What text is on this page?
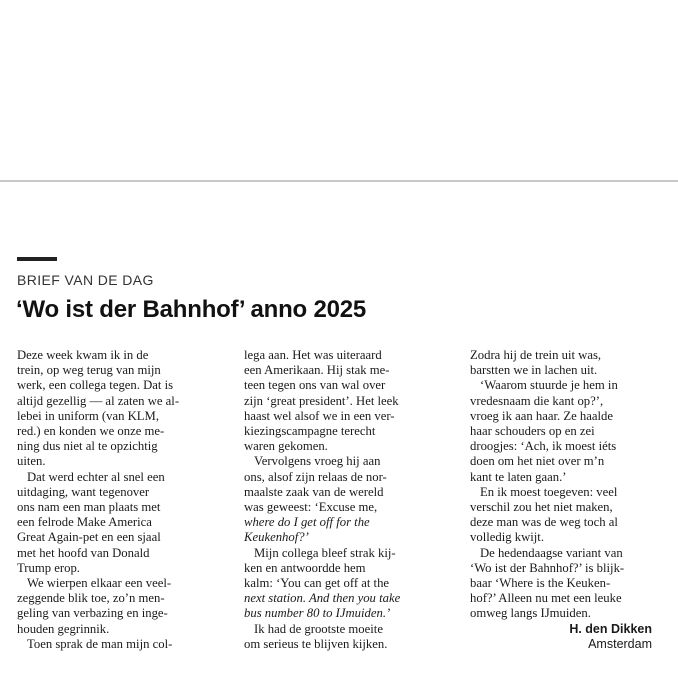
BRIEF VAN DE DAG
‘Wo ist der Bahnhof’ anno 2025
Deze week kwam ik in de
trein, op weg terug van mijn
werk, een collega tegen. Dat is
altijd gezellig — al zaten we al-
lebei in uniform (van KLM,
red.) en konden we onze me-
ning dus niet al te opzichtig
uiten.
Dat werd echter al snel een
uitdaging, want tegenover
ons nam een man plaats met
een felrode Make America
Great Again-pet en een sjaal
met het hoofd van Donald
Trump erop.
We wierpen elkaar een veel-
zeggende blik toe, zo’n men-
geling van verbazing en inge-
houden gegrinnik.
Toen sprak de man mijn col-
lega aan. Het was uiteraard
een Amerikaan. Hij stak me-
teen tegen ons van wal over
zijn ‘great president’. Het leek
haast wel alsof we in een ver-
kiezingscampagne terecht
waren gekomen.
Vervolgens vroeg hij aan
ons, alsof zijn relaas de nor-
maalste zaak van de wereld
was geweest: ‘Excuse me,
where do I get off for the
Keukenhof?’
Mijn collega bleef strak kij-
ken en antwoordde hem
kalm: ‘You can get off at the
next station. And then you take
bus number 80 to IJmuiden.’
Ik had de grootste moeite
om serieus te blijven kijken.
Zodra hij de trein uit was,
barstten we in lachen uit.
‘Waarom stuurde je hem in
vredesnaam die kant op?’,
vroeg ik aan haar. Ze haalde
haar schouders op en zei
droogjes: ‘Ach, ik moest iéts
doen om het niet over m’n
kant te laten gaan.’
En ik moest toegeven: veel
verschil zou het niet maken,
deze man was de weg toch al
volledig kwijt.
De hedendaagse variant van
‘Wo ist der Bahnhof?’ is blijk-
baar ‘Where is the Keuken-
hof?’ Alleen nu met een leuke
omweg langs IJmuiden.
H. den Dikken
Amsterdam
